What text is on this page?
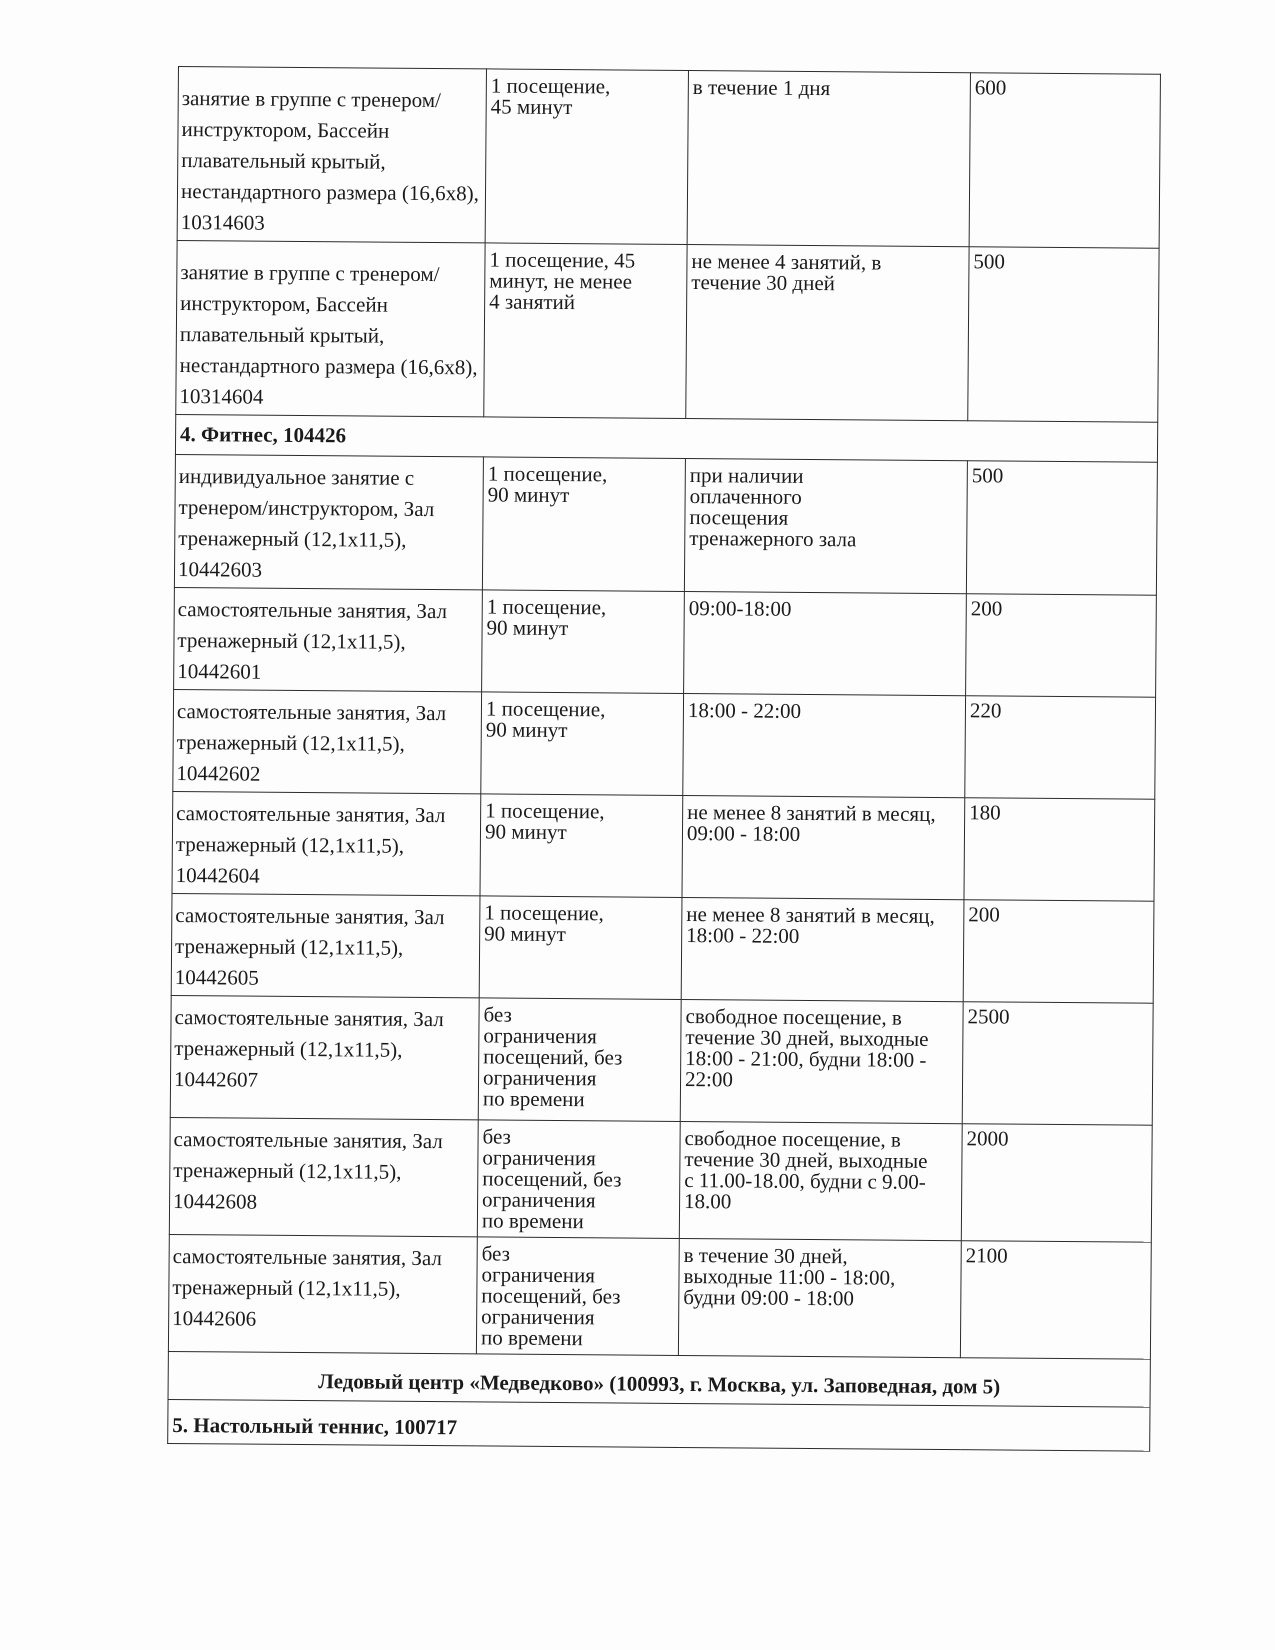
занятие в группе с тренером/инструктором, Бассейн плавательный крытый, нестандартного размера (16,6х8), 10314603	1 посещение,
45 минут	в течение 1 дня	600
занятие в группе с тренером/инструктором, Бассейн плавательный крытый, нестандартного размера (16,6х8), 10314604	1 посещение, 45
минут, не менее
4 занятий	не менее 4 занятий, в
течение 30 дней	500
4. Фитнес, 104426			
индивидуальное занятие с тренером/инструктором, Зал тренажерный (12,1х11,5), 10442603	1 посещение,
90 минут	при наличии
оплаченного
посещения
тренажерного зала	500
самостоятельные занятия, Зал тренажерный (12,1х11,5), 10442601	1 посещение,
90 минут	09:00-18:00	200
самостоятельные занятия, Зал тренажерный (12,1х11,5), 10442602	1 посещение,
90 минут	18:00 - 22:00	220
самостоятельные занятия, Зал тренажерный (12,1х11,5), 10442604	1 посещение,
90 минут	не менее 8 занятий в месяц,
09:00 - 18:00	180
самостоятельные занятия, Зал тренажерный (12,1х11,5), 10442605	1 посещение,
90 минут	не менее 8 занятий в месяц,
18:00 - 22:00	200
самостоятельные занятия, Зал тренажерный (12,1х11,5), 10442607	без
ограничения
посещений, без
ограничения
по времени	свободное посещение, в
течение 30 дней, выходные
18:00 - 21:00, будни 18:00 -
22:00	2500
самостоятельные занятия, Зал тренажерный (12,1х11,5), 10442608	без
ограничения
посещений, без
ограничения
по времени	свободное посещение, в
течение 30 дней, выходные
с 11.00-18.00, будни с 9.00-
18.00	2000
самостоятельные занятия, Зал тренажерный (12,1х11,5), 10442606	без
ограничения
посещений, без
ограничения
по времени	в течение 30 дней,
выходные 11:00 - 18:00,
будни 09:00 - 18:00	2100
Ледовый центр «Медведково» (100993, г. Москва, ул. Заповедная, дом 5)			
5. Настольный теннис, 100717			
